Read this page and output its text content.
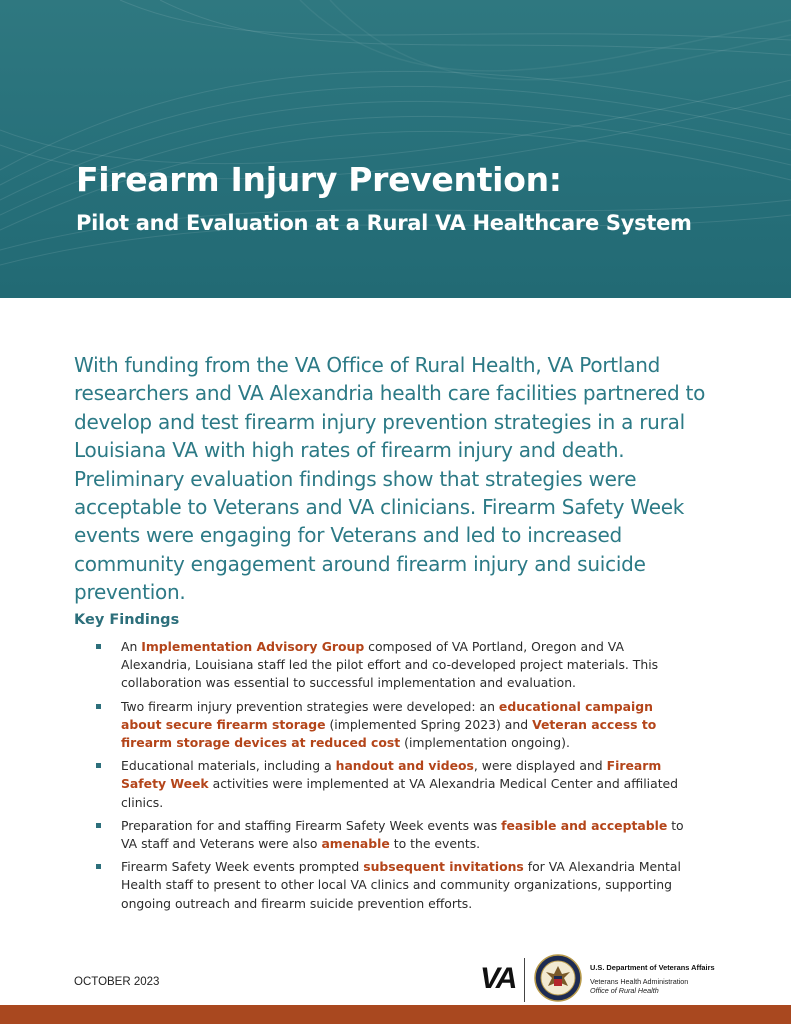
Firearm Injury Prevention:
Pilot and Evaluation at a Rural VA Healthcare System

With funding from the VA Office of Rural Health, VA Portland researchers and VA Alexandria health care facilities partnered to develop and test firearm injury prevention strategies in a rural Louisiana VA with high rates of firearm injury and death. Preliminary evaluation findings show that strategies were acceptable to Veterans and VA clinicians. Firearm Safety Week events were engaging for Veterans and led to increased community engagement around firearm injury and suicide prevention.

Key Findings
An Implementation Advisory Group composed of VA Portland, Oregon and VA Alexandria, Louisiana staff led the pilot effort and co-developed project materials. This collaboration was essential to successful implementation and evaluation.
Two firearm injury prevention strategies were developed: an educational campaign about secure firearm storage (implemented Spring 2023) and Veteran access to firearm storage devices at reduced cost (implementation ongoing).
Educational materials, including a handout and videos, were displayed and Firearm Safety Week activities were implemented at VA Alexandria Medical Center and affiliated clinics.
Preparation for and staffing Firearm Safety Week events was feasible and acceptable to VA staff and Veterans were also amenable to the events.
Firearm Safety Week events prompted subsequent invitations for VA Alexandria Mental Health staff to present to other local VA clinics and community organizations, supporting ongoing outreach and firearm suicide prevention efforts.

OCTOBER 2023	VA	U.S. Department of Veterans Affairs

Veterans Health Administration

Office of Rural Health
